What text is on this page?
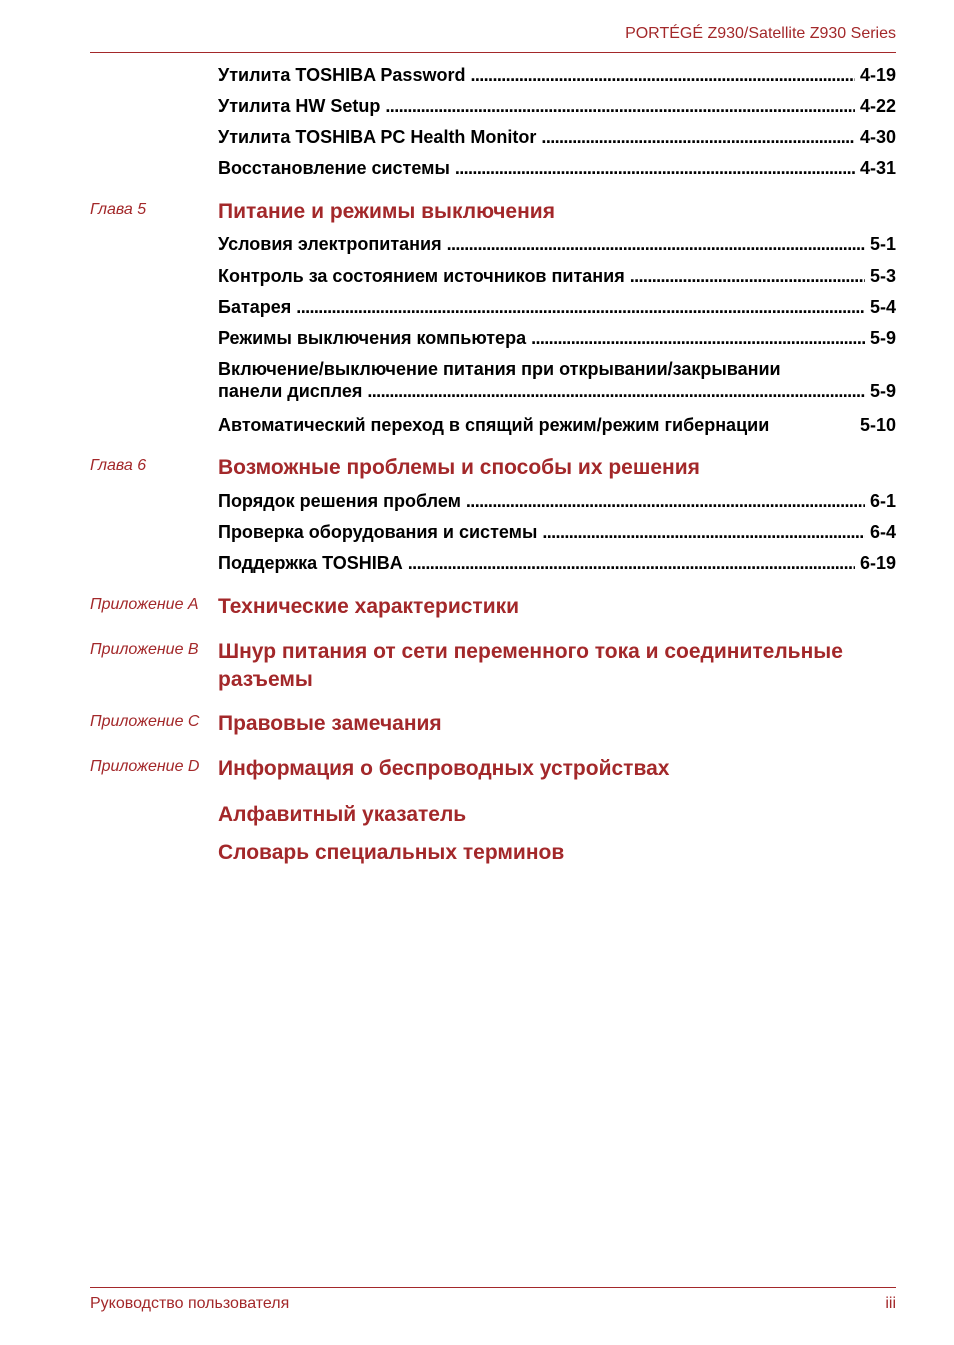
PORTÉGÉ Z930/Satellite Z930 Series
Утилита TOSHIBA Password . . .	4-19
Утилита HW Setup . . .	4-22
Утилита TOSHIBA PC Health Monitor . . .	4-30
Восстановление системы . . .	4-31
Глава 5	Питание и режимы выключения
Условия электропитания . . .	5-1
Контроль за состоянием источников питания . . .	5-3
Батарея . . .	5-4
Режимы выключения компьютера . . .	5-9
Включение/выключение питания при открывании/закрывании
панели дисплея . . .	5-9
Автоматический переход в спящий режим/режим гибернации	5-10
Глава 6	Возможные проблемы и способы их решения
Порядок решения проблем . . .	6-1
Проверка оборудования и системы . . .	6-4
Поддержка TOSHIBA . . .	6-19
Приложение A Технические характеристики
Приложение B Шнур питания от сети переменного тока и соединительные разъемы
Приложение C Правовые замечания
Приложение D Информация о беспроводных устройствах
Алфавитный указатель
Словарь специальных терминов
Руководство пользователя	iii
